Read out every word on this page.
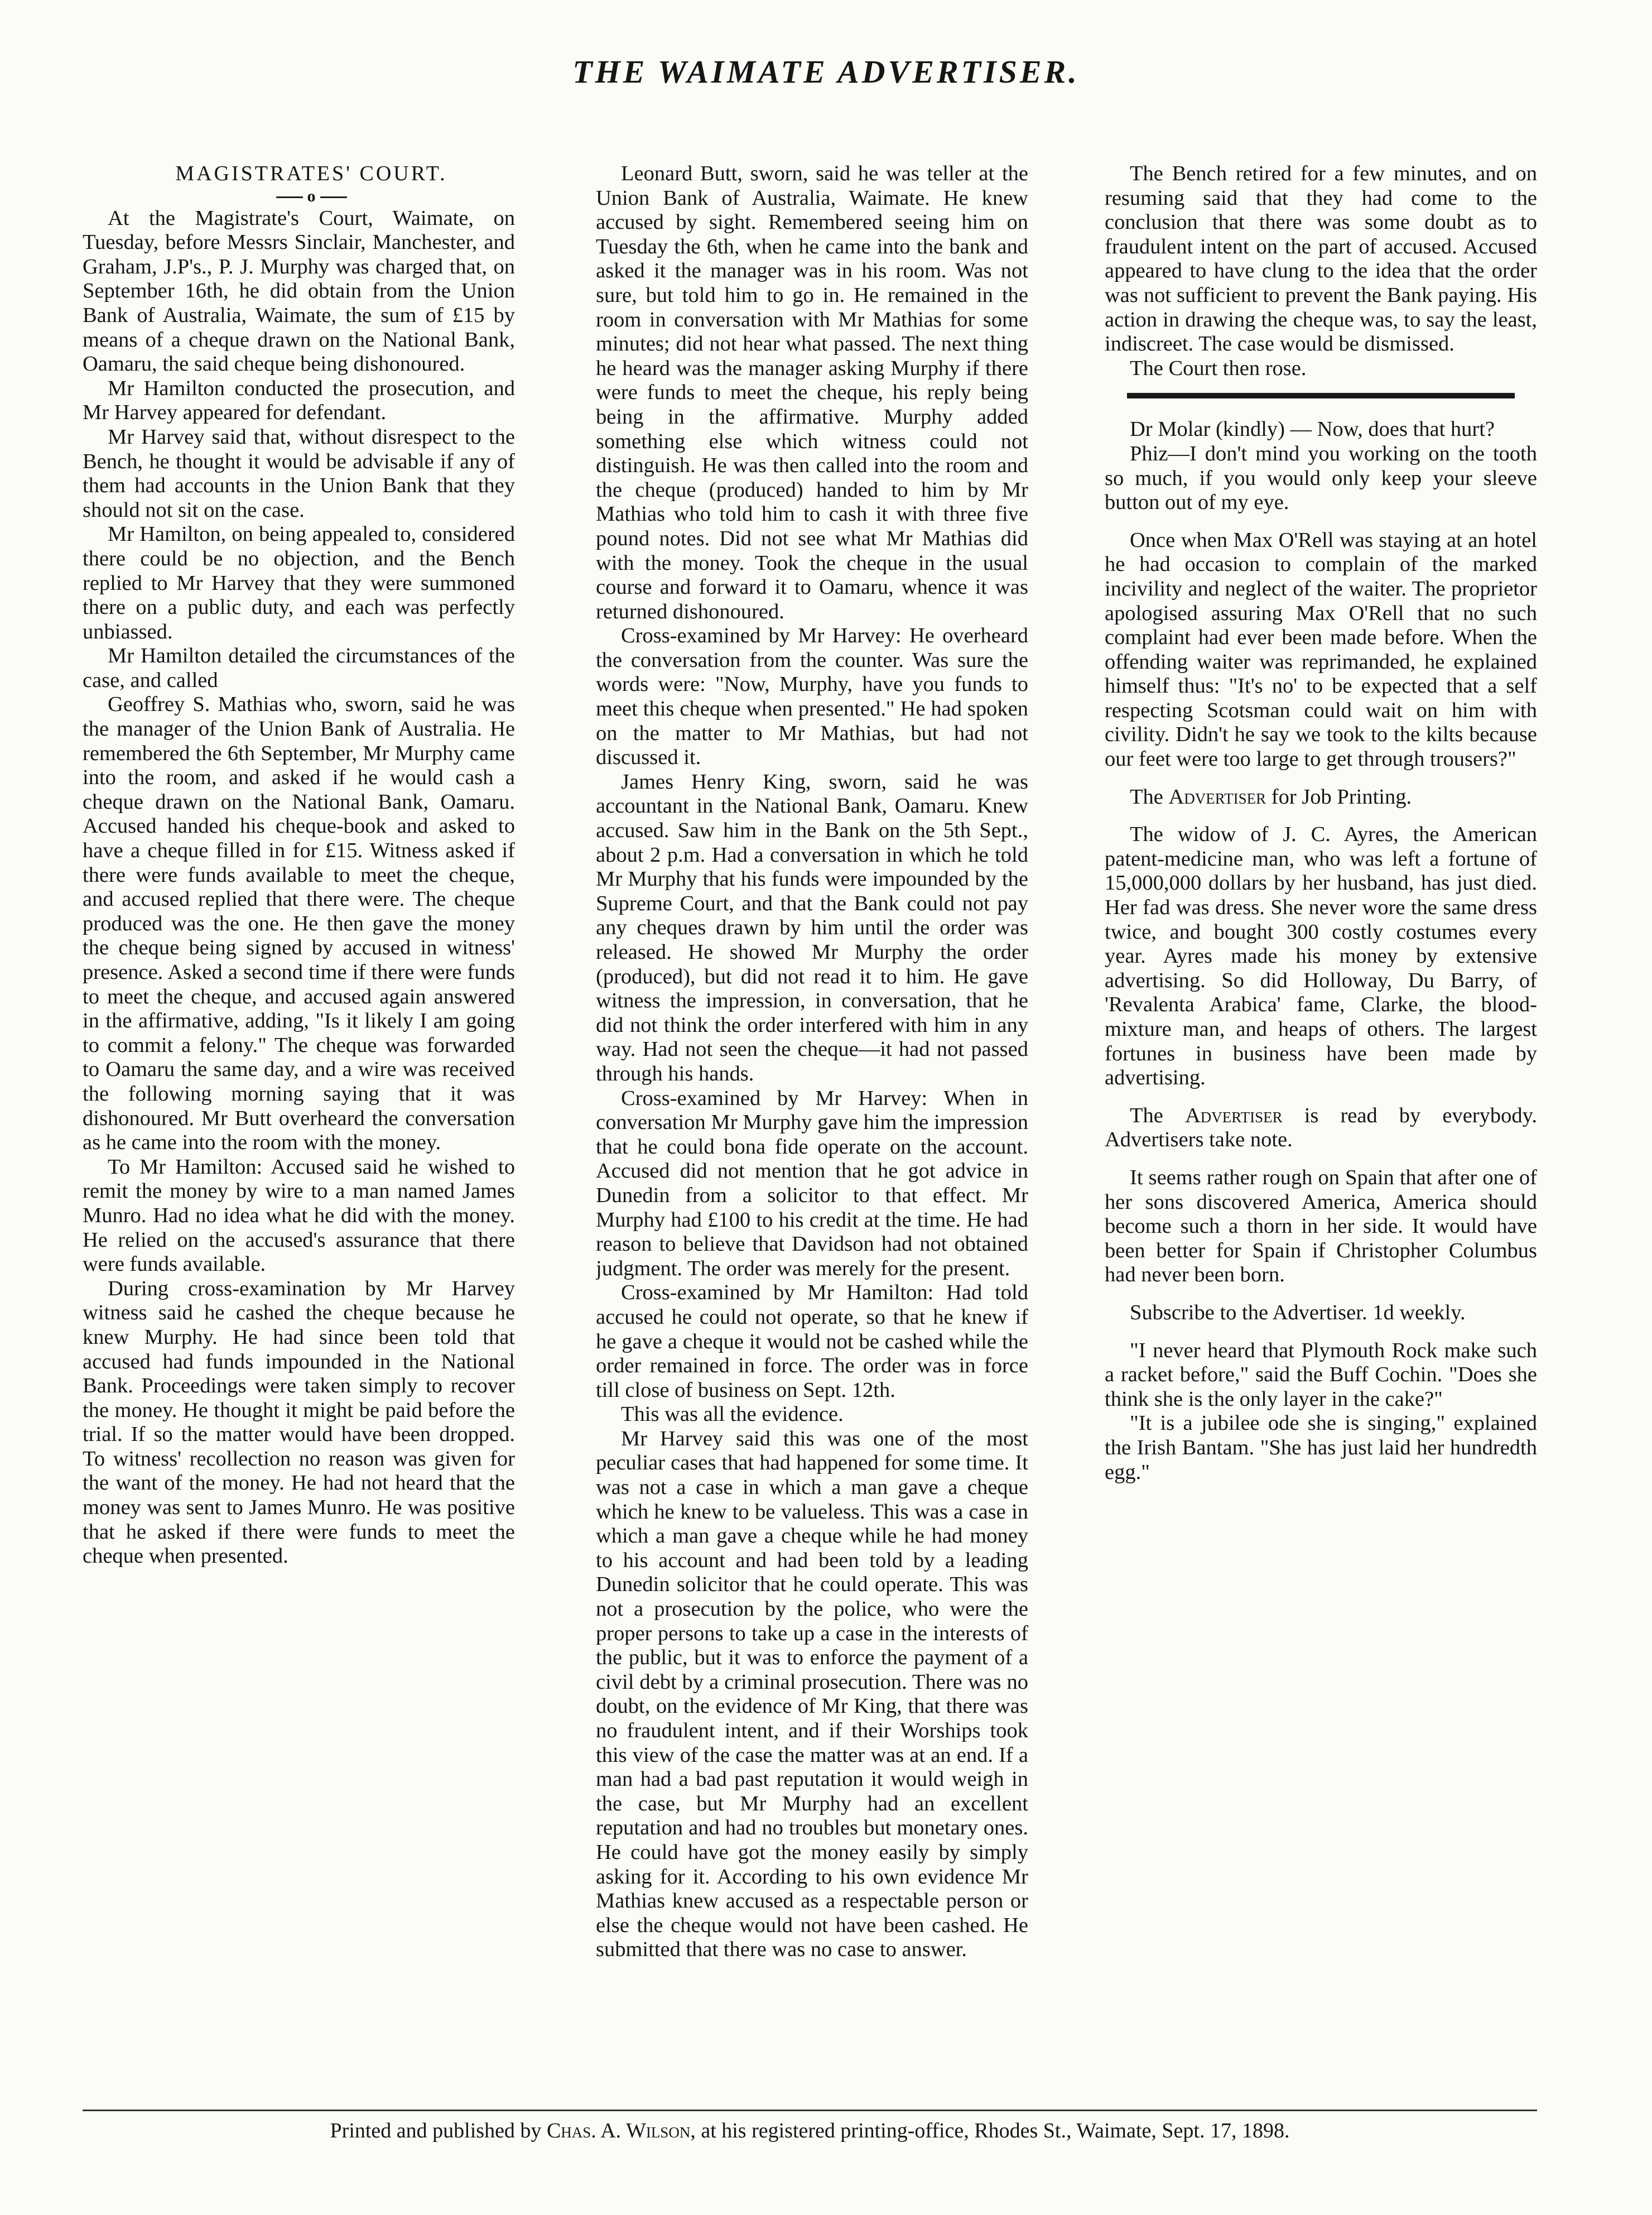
THE WAIMATE ADVERTISER.

MAGISTRATES' COURT.

o

At the Magistrate's Court, Waimate, on Tuesday, before Messrs Sinclair, Manchester, and Graham, J.P's., P. J. Murphy was charged that, on September 16th, he did obtain from the Union Bank of Australia, Waimate, the sum of £15 by means of a cheque drawn on the National Bank, Oamaru, the said cheque being dishonoured.

Mr Hamilton conducted the prosecution, and Mr Harvey appeared for defendant.

Mr Harvey said that, without disrespect to the Bench, he thought it would be advisable if any of them had accounts in the Union Bank that they should not sit on the case.

Mr Hamilton, on being appealed to, considered there could be no objection, and the Bench replied to Mr Harvey that they were summoned there on a public duty, and each was perfectly unbiassed.

Mr Hamilton detailed the circumstances of the case, and called

Geoffrey S. Mathias who, sworn, said he was the manager of the Union Bank of Australia. He remembered the 6th September, Mr Murphy came into the room, and asked if he would cash a cheque drawn on the National Bank, Oamaru. Accused handed his cheque-book and asked to have a cheque filled in for £15. Witness asked if there were funds available to meet the cheque, and accused replied that there were. The cheque produced was the one. He then gave the money the cheque being signed by accused in witness' presence. Asked a second time if there were funds to meet the cheque, and accused again answered in the affirmative, adding, "Is it likely I am going to commit a felony." The cheque was forwarded to Oamaru the same day, and a wire was received the following morning saying that it was dishonoured. Mr Butt overheard the conversation as he came into the room with the money.

To Mr Hamilton: Accused said he wished to remit the money by wire to a man named James Munro. Had no idea what he did with the money. He relied on the accused's assurance that there were funds available.

During cross-examination by Mr Harvey witness said he cashed the cheque because he knew Murphy. He had since been told that accused had funds impounded in the National Bank. Proceedings were taken simply to recover the money. He thought it might be paid before the trial. If so the matter would have been dropped. To witness' recollection no reason was given for the want of the money. He had not heard that the money was sent to James Munro. He was positive that he asked if there were funds to meet the cheque when presented.

Leonard Butt, sworn, said he was teller at the Union Bank of Australia, Waimate. He knew accused by sight. Remembered seeing him on Tuesday the 6th, when he came into the bank and asked it the manager was in his room. Was not sure, but told him to go in. He remained in the room in conversation with Mr Mathias for some minutes; did not hear what passed. The next thing he heard was the manager asking Murphy if there were funds to meet the cheque, his reply being being in the affirmative. Murphy added something else which witness could not distinguish. He was then called into the room and the cheque (produced) handed to him by Mr Mathias who told him to cash it with three five pound notes. Did not see what Mr Mathias did with the money. Took the cheque in the usual course and forward it to Oamaru, whence it was returned dishonoured.

Cross-examined by Mr Harvey: He overheard the conversation from the counter. Was sure the words were: "Now, Murphy, have you funds to meet this cheque when presented." He had spoken on the matter to Mr Mathias, but had not discussed it.

James Henry King, sworn, said he was accountant in the National Bank, Oamaru. Knew accused. Saw him in the Bank on the 5th Sept., about 2 p.m. Had a conversation in which he told Mr Murphy that his funds were impounded by the Supreme Court, and that the Bank could not pay any cheques drawn by him until the order was released. He showed Mr Murphy the order (produced), but did not read it to him. He gave witness the impression, in conversation, that he did not think the order interfered with him in any way. Had not seen the cheque—it had not passed through his hands.

Cross-examined by Mr Harvey: When in conversation Mr Murphy gave him the impression that he could bona fide operate on the account. Accused did not mention that he got advice in Dunedin from a solicitor to that effect. Mr Murphy had £100 to his credit at the time. He had reason to believe that Davidson had not obtained judgment. The order was merely for the present.

Cross-examined by Mr Hamilton: Had told accused he could not operate, so that he knew if he gave a cheque it would not be cashed while the order remained in force. The order was in force till close of business on Sept. 12th.

This was all the evidence.

Mr Harvey said this was one of the most peculiar cases that had happened for some time. It was not a case in which a man gave a cheque which he knew to be valueless. This was a case in which a man gave a cheque while he had money to his account and had been told by a leading Dunedin solicitor that he could operate. This was not a prosecution by the police, who were the proper persons to take up a case in the interests of the public, but it was to enforce the payment of a civil debt by a criminal prosecution. There was no doubt, on the evidence of Mr King, that there was no fraudulent intent, and if their Worships took this view of the case the matter was at an end. If a man had a bad past reputation it would weigh in the case, but Mr Murphy had an excellent reputation and had no troubles but monetary ones. He could have got the money easily by simply asking for it. According to his own evidence Mr Mathias knew accused as a respectable person or else the cheque would not have been cashed. He submitted that there was no case to answer.

The Bench retired for a few minutes, and on resuming said that they had come to the conclusion that there was some doubt as to fraudulent intent on the part of accused. Accused appeared to have clung to the idea that the order was not sufficient to prevent the Bank paying. His action in drawing the cheque was, to say the least, indiscreet. The case would be dismissed.

The Court then rose.

Dr Molar (kindly) — Now, does that hurt?

Phiz—I don't mind you working on the tooth so much, if you would only keep your sleeve button out of my eye.

Once when Max O'Rell was staying at an hotel he had occasion to complain of the marked incivility and neglect of the waiter. The proprietor apologised assuring Max O'Rell that no such complaint had ever been made before. When the offending waiter was reprimanded, he explained himself thus: "It's no' to be expected that a self respecting Scotsman could wait on him with civility. Didn't he say we took to the kilts because our feet were too large to get through trousers?"

The Advertiser for Job Printing.

The widow of J. C. Ayres, the American patent-medicine man, who was left a fortune of 15,000,000 dollars by her husband, has just died. Her fad was dress. She never wore the same dress twice, and bought 300 costly costumes every year. Ayres made his money by extensive advertising. So did Holloway, Du Barry, of 'Revalenta Arabica' fame, Clarke, the blood-mixture man, and heaps of others. The largest fortunes in business have been made by advertising.

The Advertiser is read by everybody. Advertisers take note.

It seems rather rough on Spain that after one of her sons discovered America, America should become such a thorn in her side. It would have been better for Spain if Christopher Columbus had never been born.

Subscribe to the Advertiser. 1d weekly.

"I never heard that Plymouth Rock make such a racket before," said the Buff Cochin. "Does she think she is the only layer in the cake?"

"It is a jubilee ode she is singing," explained the Irish Bantam. "She has just laid her hundredth egg."

Printed and published by Chas. A. Wilson, at his registered printing-office, Rhodes St., Waimate, Sept. 17, 1898.
